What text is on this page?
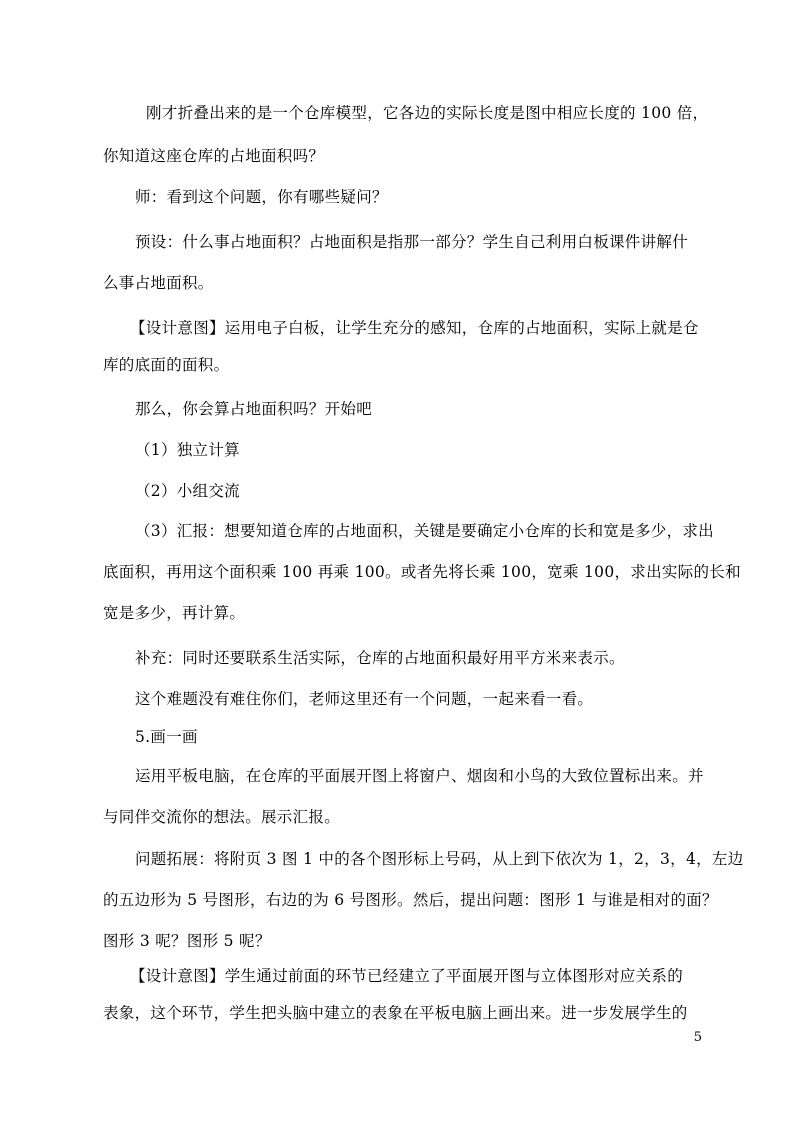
刚才折叠出来的是一个仓库模型，它各边的实际长度是图中相应长度的 100 倍，
你知道这座仓库的占地面积吗？
师：看到这个问题，你有哪些疑问？
预设：什么事占地面积？占地面积是指那一部分？学生自己利用白板课件讲解什
么事占地面积。
【设计意图】运用电子白板，让学生充分的感知，仓库的占地面积，实际上就是仓
库的底面的面积。
那么，你会算占地面积吗？开始吧
（1）独立计算
（2）小组交流
（3）汇报：想要知道仓库的占地面积，关键是要确定小仓库的长和宽是多少，求出
底面积，再用这个面积乘 100 再乘 100。或者先将长乘 100，宽乘 100，求出实际的长和
宽是多少，再计算。
补充：同时还要联系生活实际，仓库的占地面积最好用平方米来表示。
这个难题没有难住你们，老师这里还有一个问题，一起来看一看。
5.画一画
运用平板电脑，在仓库的平面展开图上将窗户、烟囱和小鸟的大致位置标出来。并
与同伴交流你的想法。展示汇报。
问题拓展：将附页 3 图 1 中的各个图形标上号码，从上到下依次为 1，2，3，4，左边
的五边形为 5 号图形，右边的为 6 号图形。然后，提出问题：图形 1 与谁是相对的面？
图形 3 呢？图形 5 呢？
【设计意图】学生通过前面的环节已经建立了平面展开图与立体图形对应关系的
表象，这个环节，学生把头脑中建立的表象在平板电脑上画出来。进一步发展学生的
5
